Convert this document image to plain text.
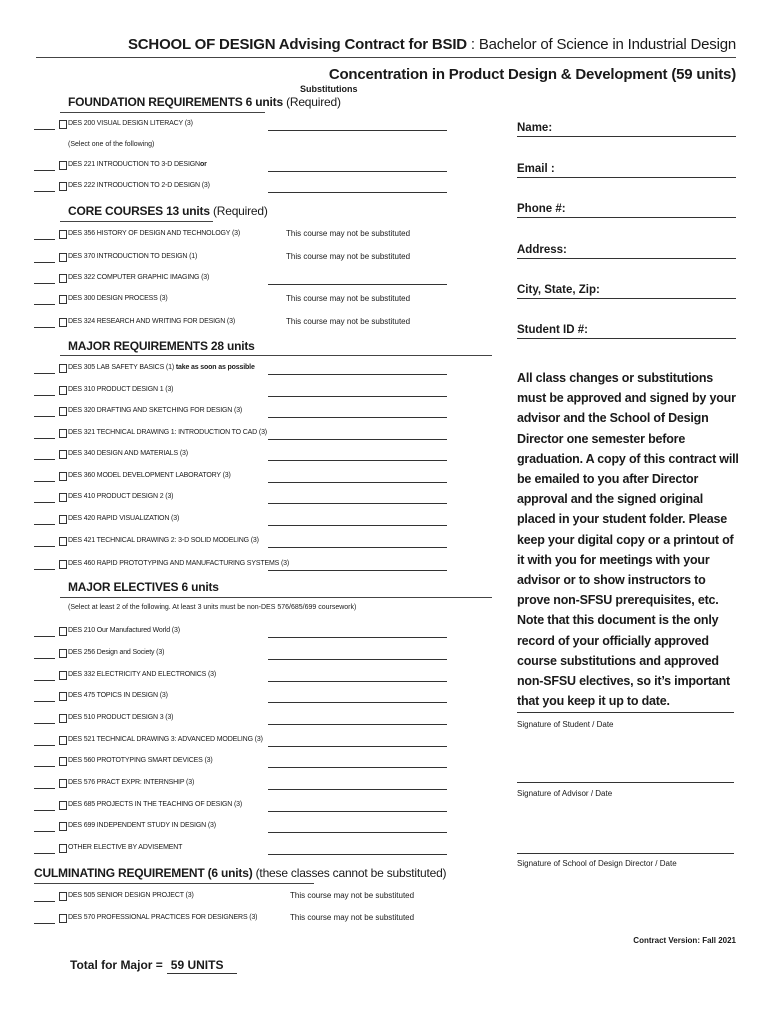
SCHOOL OF DESIGN Advising Contract for BSID : Bachelor of Science in Industrial Design
Concentration in Product Design & Development (59 units)
Substitutions
FOUNDATION REQUIREMENTS 6 units (Required)
DES 200 VISUAL DESIGN LITERACY (3)
(Select one of the following)
DES 221 INTRODUCTION TO 3-D DESIGNor
DES 222 INTRODUCTION TO 2-D DESIGN (3)
CORE COURSES 13 units (Required)
DES 356 HISTORY OF DESIGN AND TECHNOLOGY (3)	This course may not be substituted
DES 370 INTRODUCTION TO DESIGN (1)	This course may not be substituted
DES 322 COMPUTER GRAPHIC IMAGING (3)
DES 300 DESIGN PROCESS (3)	This course may not be substituted
DES 324 RESEARCH AND WRITING FOR DESIGN (3)	This course may not be substituted
MAJOR REQUIREMENTS 28 units
DES 305 LAB SAFETY BASICS (1) take as soon as possible
DES 310 PRODUCT DESIGN 1 (3)
DES 320 DRAFTING AND SKETCHING FOR DESIGN (3)
DES 321 TECHNICAL DRAWING 1: INTRODUCTION TO CAD (3)
DES 340 DESIGN AND MATERIALS (3)
DES 360 MODEL DEVELOPMENT LABORATORY (3)
DES 410 PRODUCT DESIGN 2 (3)
DES 420 RAPID VISUALIZATION (3)
DES 421 TECHNICAL DRAWING 2: 3-D SOLID MODELING (3)
DES 460 RAPID PROTOTYPING AND MANUFACTURING SYSTEMS (3)
MAJOR ELECTIVES 6 units
(Select at least 2 of the following. At least 3 units must be non-DES 576/685/699 coursework)
DES 210 Our Manufactured World (3)
DES 256 Design and Society (3)
DES 332 ELECTRICITY AND ELECTRONICS (3)
DES 475 TOPICS IN DESIGN (3)
DES 510 PRODUCT DESIGN 3 (3)
DES 521 TECHNICAL DRAWING 3: ADVANCED MODELING (3)
DES 560 PROTOTYPING SMART DEVICES (3)
DES 576 PRACT EXPR: INTERNSHIP (3)
DES 685 PROJECTS IN THE TEACHING OF DESIGN (3)
DES 699 INDEPENDENT STUDY IN DESIGN (3)
OTHER ELECTIVE BY ADVISEMENT
CULMINATING REQUIREMENT (6 units) (these classes cannot be substituted)
DES 505 SENIOR DESIGN PROJECT (3)	This course may not be substituted
DES 570 PROFESSIONAL PRACTICES FOR DESIGNERS (3)	This course may not be substituted
Total for Major = 59 UNITS
Name:
Email :
Phone #:
Address:
City, State, Zip:
Student ID #:
All class changes or substitutions must be approved and signed by your advisor and the School of Design Director one semester before graduation. A copy of this contract will be emailed to you after Director approval and the signed original placed in your student folder. Please keep your digital copy or a printout of it with you for meetings with your advisor or to show instructors to prove non-SFSU prerequisites, etc. Note that this document is the only record of your officially approved course substitutions and approved non-SFSU electives, so it’s important that you keep it up to date.
Signature of Student / Date
Signature of Advisor / Date
Signature of School of Design Director / Date
Contract Version: Fall 2021
